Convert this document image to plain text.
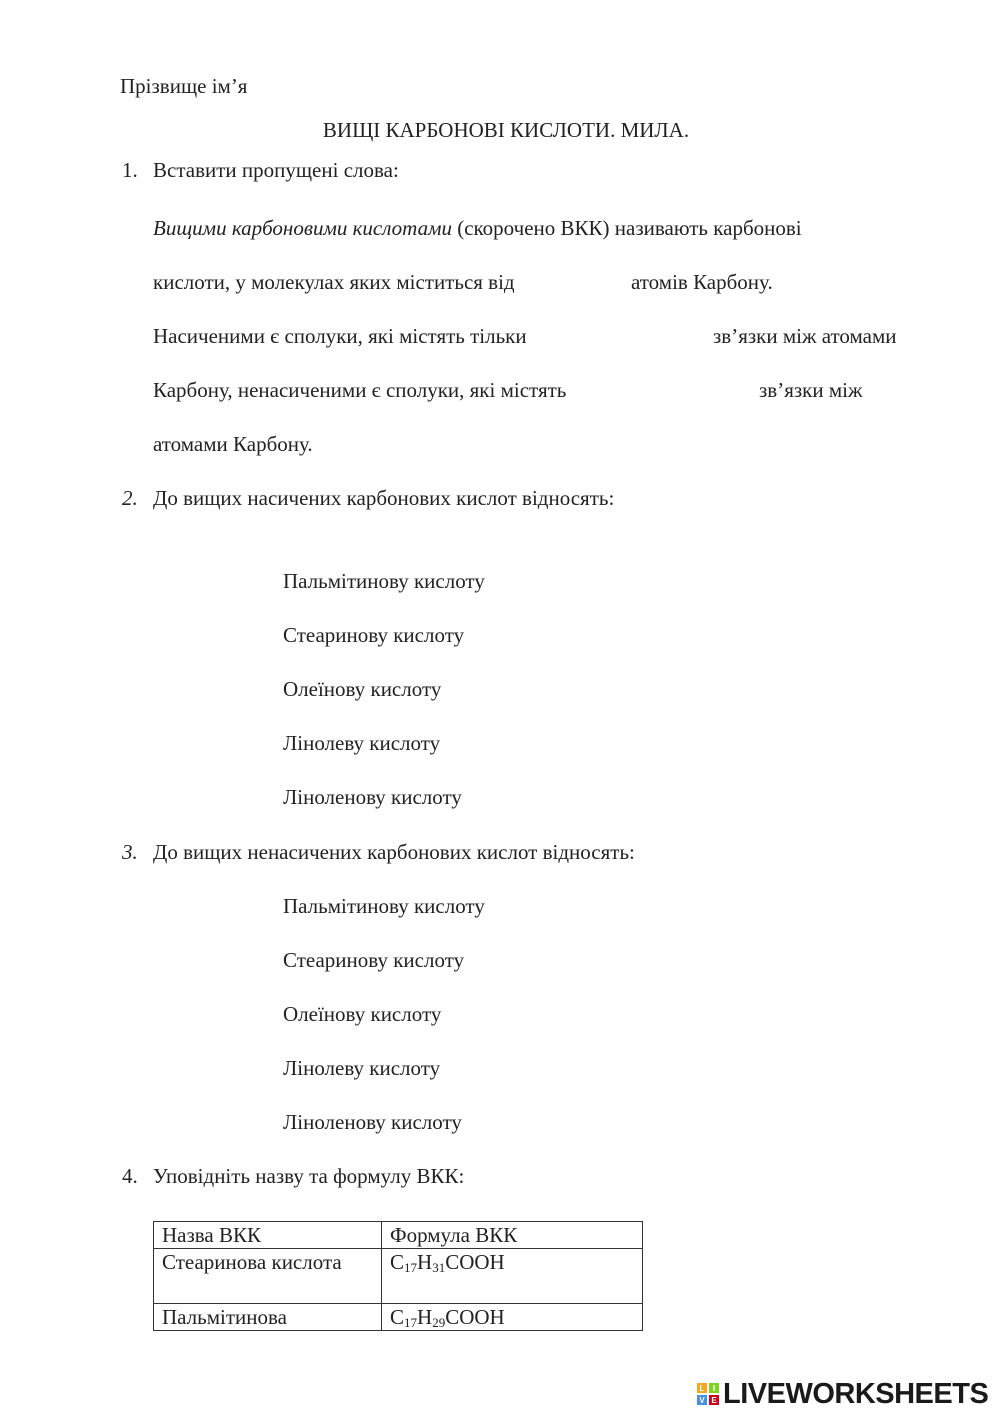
Прізвище ім’я
ВИЩІ КАРБОНОВІ КИСЛОТИ. МИЛА.
1. Вставити пропущені слова:
Вищими карбоновими кислотами (скорочено ВКК) називають карбонові
кислоти, у молекулах яких міститься від	атомів Карбону.
Насиченими є сполуки, які містять тільки	зв’язки між атомами
Карбону, ненасиченими є сполуки, які містять	зв’язки між
атомами Карбону.
2. До вищих насичених карбонових кислот відносять:
Пальмітинову кислоту
Стеаринову кислоту
Олеїнову кислоту
Лінолеву кислоту
Ліноленову кислоту
3. До вищих ненасичених карбонових кислот відносять:
Пальмітинову кислоту
Стеаринову кислоту
Олеїнову кислоту
Лінолеву кислоту
Ліноленову кислоту
4. Уповідніть назву та формулу ВКК:
Назва ВКК	Формула ВКК
Стеаринова кислота	$C_{17}H_{31}COOH$
Пальмітинова	$C_{17}H_{29}COOH$
L	I
V E LIVEWORKSHEETS
